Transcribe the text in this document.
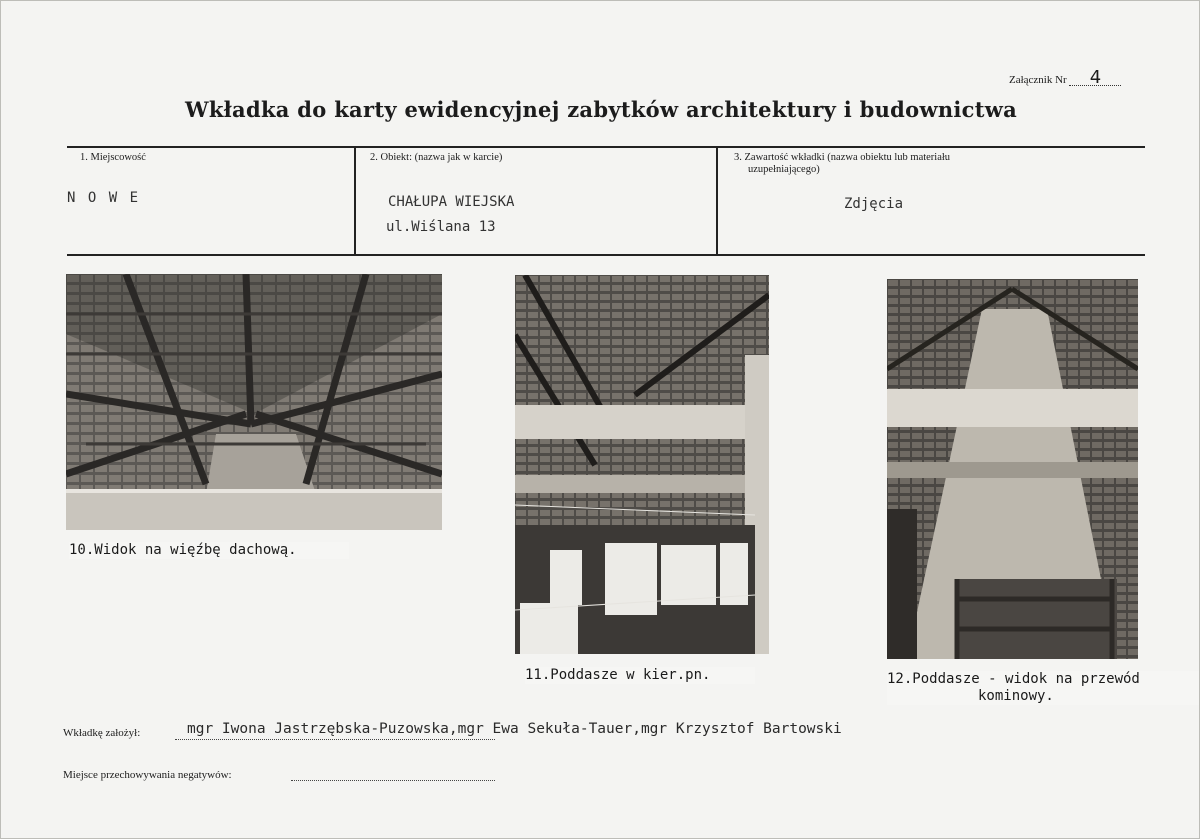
Załącznik Nr 4
Wkładka do karty ewidencyjnej zabytków architektury i budownictwa
1. Miejscowość
N O W E
2. Obiekt: (nazwa jak w karcie)
CHAŁUPA WIEJSKA
ul.Wiślana 13
3. Zawartość wkładki (nazwa obiektu lub materiału
uzupełniającego)
Zdjęcia
10.Widok na więźbę dachową.
11.Poddasze w kier.pn.	12.Poddasze - widok na przewód
kominowy.
Wkładkę założył:	mgr Iwona Jastrzębska-Puzowska,mgr Ewa Sekuła-Tauer,mgr Krzysztof Bartowski
Miejsce przechowywania negatywów:
